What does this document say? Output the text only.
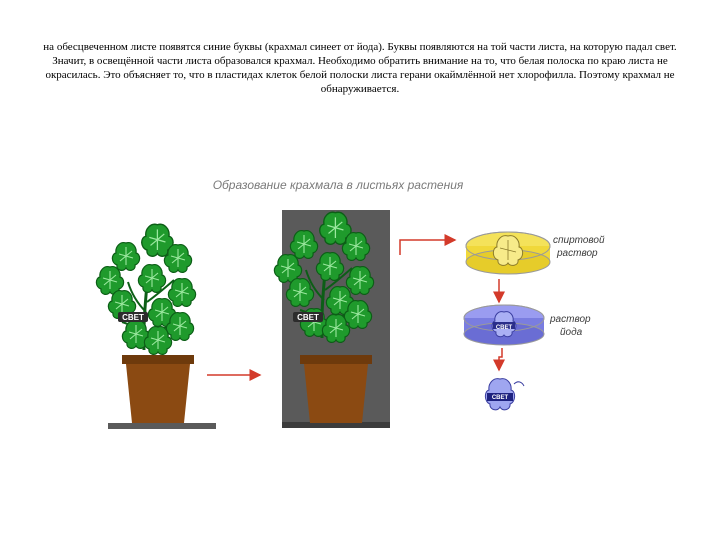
на обесцвеченном листе появятся синие буквы (крахмал синеет от йода). Буквы появляются на той части листа, на которую падал свет. Значит, в освещённой части листа образовался крахмал. Необходимо обратить внимание на то, что белая полоска по краю листа не окрасилась. Это объясняет то, что в пластидах клеток белой полоски листа герани окаймлённой нет хлорофилла. Поэтому крахмал не обнаруживается.
Образование крахмала в листьях растения
СВЕТ	СВЕТ
спиртовой
раствор
СВЕТ
раствор
йода
СВЕТ
